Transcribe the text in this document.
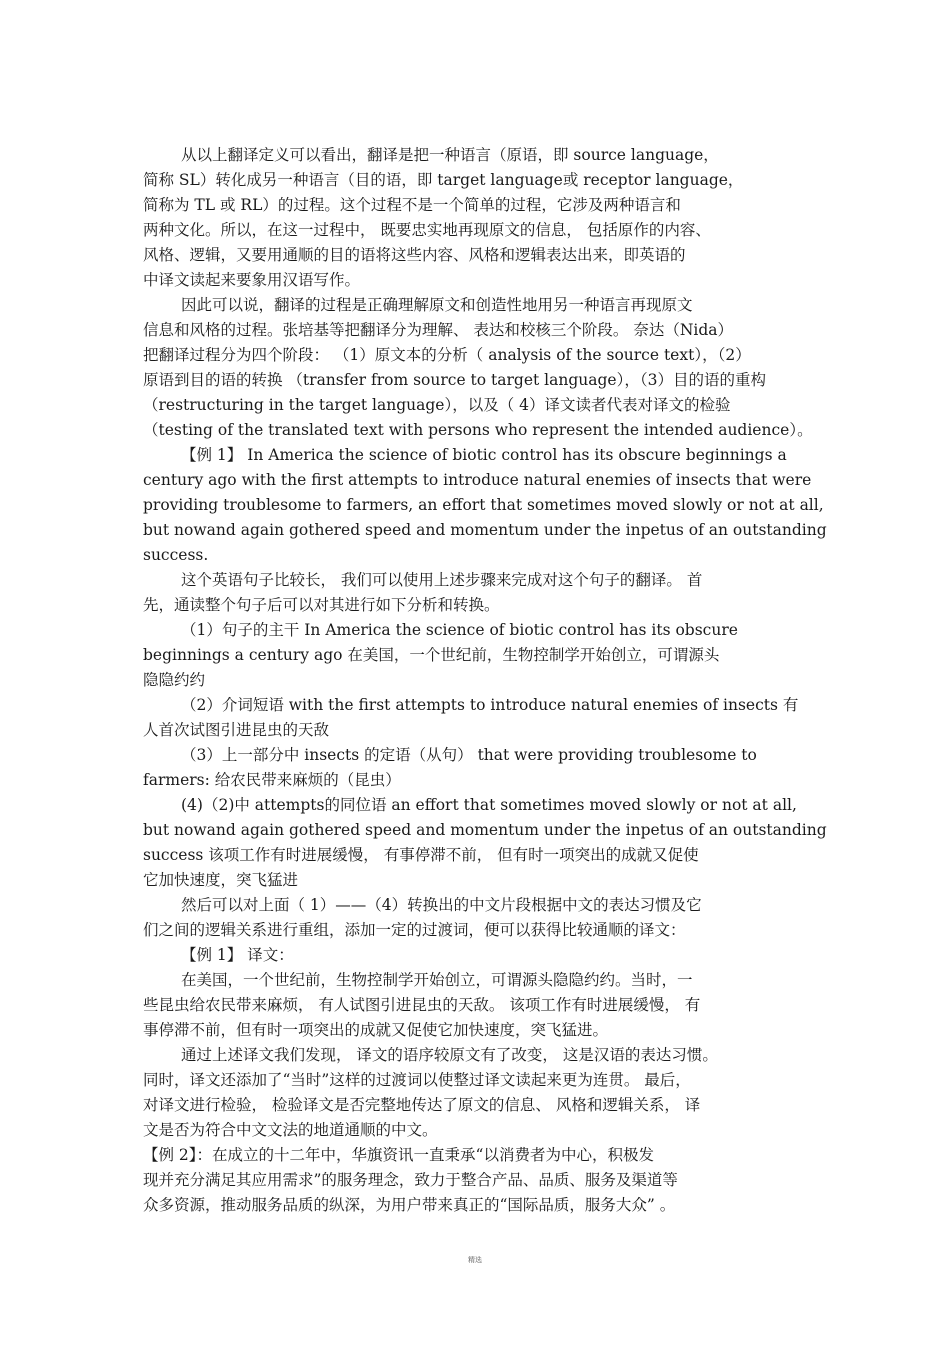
从以上翻译定义可以看出，翻译是把一种语言（原语，即 source language，
简称 SL）转化成另一种语言（目的语，即 target language或 receptor language，
简称为 TL 或 RL）的过程。这个过程不是一个简单的过程，它涉及两种语言和
两种文化。所以，在这一过程中， 既要忠实地再现原文的信息， 包括原作的内容、
风格、逻辑，又要用通顺的目的语将这些内容、风格和逻辑表达出来，即英语的
中译文读起来要象用汉语写作。
因此可以说，翻译的过程是正确理解原文和创造性地用另一种语言再现原文
信息和风格的过程。张培基等把翻译分为理解、 表达和校核三个阶段。 奈达（Nida）
把翻译过程分为四个阶段： （1）原文本的分析（ analysis of the source text），（2）
原语到目的语的转换 （transfer from source to target language），（3）目的语的重构
（restructuring in the target language），以及（ 4）译文读者代表对译文的检验
（testing of the translated text with persons who represent the intended audience）。
【例 1】 In America the science of biotic control has its obscure beginnings a
century ago with the first attempts to introduce natural enemies of insects that were
providing troublesome to farmers, an effort that sometimes moved slowly or not at all,
but nowand again gothered speed and momentum under the inpetus of an outstanding
success.
这个英语句子比较长， 我们可以使用上述步骤来完成对这个句子的翻译。 首
先，通读整个句子后可以对其进行如下分析和转换。
（1）句子的主干 In America the science of biotic control has its obscure
beginnings a century ago 在美国，一个世纪前，生物控制学开始创立，可谓源头
隐隐约约
（2）介词短语 with the first attempts to introduce natural enemies of insects 有
人首次试图引进昆虫的天敌
（3）上一部分中 insects 的定语（从句） that were providing troublesome to
farmers: 给农民带来麻烦的（昆虫）
(4)（2)中 attempts的同位语 an effort that sometimes moved slowly or not at all,
but nowand again gothered speed and momentum under the inpetus of an outstanding
success 该项工作有时进展缓慢， 有事停滞不前， 但有时一项突出的成就又促使
它加快速度，突飞猛进
然后可以对上面（ 1）——（4）转换出的中文片段根据中文的表达习惯及它
们之间的逻辑关系进行重组，添加一定的过渡词，便可以获得比较通顺的译文：
【例 1】 译文：
在美国，一个世纪前，生物控制学开始创立，可谓源头隐隐约约。当时，一
些昆虫给农民带来麻烦， 有人试图引进昆虫的天敌。 该项工作有时进展缓慢， 有
事停滞不前，但有时一项突出的成就又促使它加快速度，突飞猛进。
通过上述译文我们发现， 译文的语序较原文有了改变， 这是汉语的表达习惯。
同时，译文还添加了“当时”这样的过渡词以使整过译文读起来更为连贯。 最后，
对译文进行检验， 检验译文是否完整地传达了原文的信息、 风格和逻辑关系， 译
文是否为符合中文文法的地道通顺的中文。
【例 2】：在成立的十二年中，华旗资讯一直秉承“以消费者为中心，积极发
现并充分满足其应用需求”的服务理念，致力于整合产品、品质、服务及渠道等
众多资源，推动服务品质的纵深，为用户带来真正的“国际品质，服务大众” 。
精选
